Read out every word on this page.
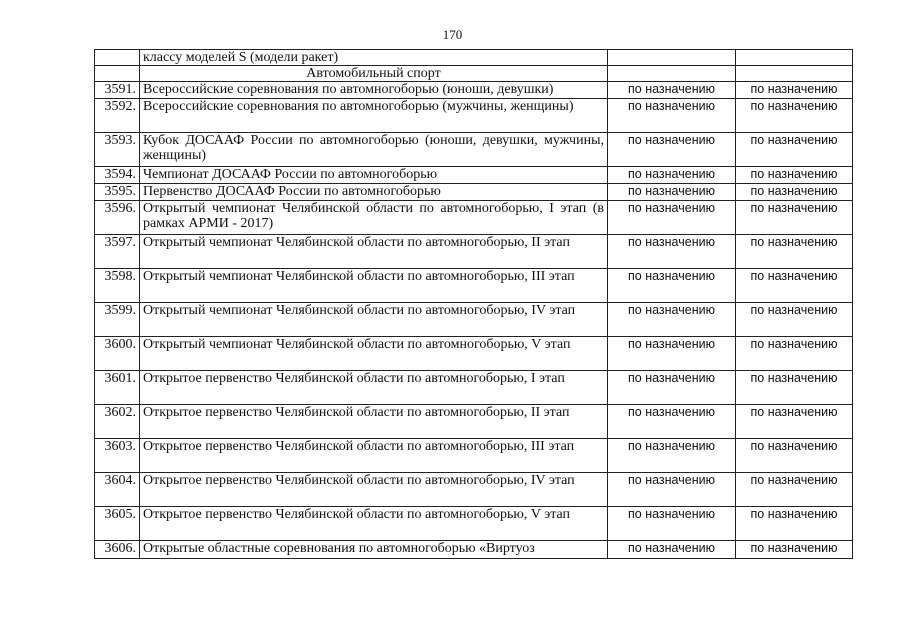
170
	классу моделей S (модели ракет)		
	Автомобильный спорт		
3591.	Всероссийские соревнования по автомногоборью (юноши, девушки)	по назначению	по назначению
3592.	Всероссийские соревнования по автомногоборью (мужчины, женщины)	по назначению	по назначению
3593.	Кубок ДОСААФ России по автомногоборью (юноши, девушки, мужчины, женщины)	по назначению	по назначению
3594.	Чемпионат ДОСААФ России по автомногоборью	по назначению	по назначению
3595.	Первенство ДОСААФ России по автомногоборью	по назначению	по назначению
3596.	Открытый чемпионат Челябинской области по автомногоборью, I этап (в рамках АРМИ - 2017)	по назначению	по назначению
3597.	Открытый чемпионат Челябинской области по автомногоборью, II этап	по назначению	по назначению
3598.	Открытый чемпионат Челябинской области по автомногоборью, III этап	по назначению	по назначению
3599.	Открытый чемпионат Челябинской области по автомногоборью, IV этап	по назначению	по назначению
3600.	Открытый чемпионат Челябинской области по автомногоборью, V этап	по назначению	по назначению
3601.	Открытое первенство Челябинской области по автомногоборью, I этап	по назначению	по назначению
3602.	Открытое первенство Челябинской области по автомногоборью, II этап	по назначению	по назначению
3603.	Открытое первенство Челябинской области по автомногоборью, III этап	по назначению	по назначению
3604.	Открытое первенство Челябинской области по автомногоборью, IV этап	по назначению	по назначению
3605.	Открытое первенство Челябинской области по автомногоборью, V этап	по назначению	по назначению
3606.	Открытые областные соревнования по автомногоборью «Виртуоз	по назначению	по назначению
